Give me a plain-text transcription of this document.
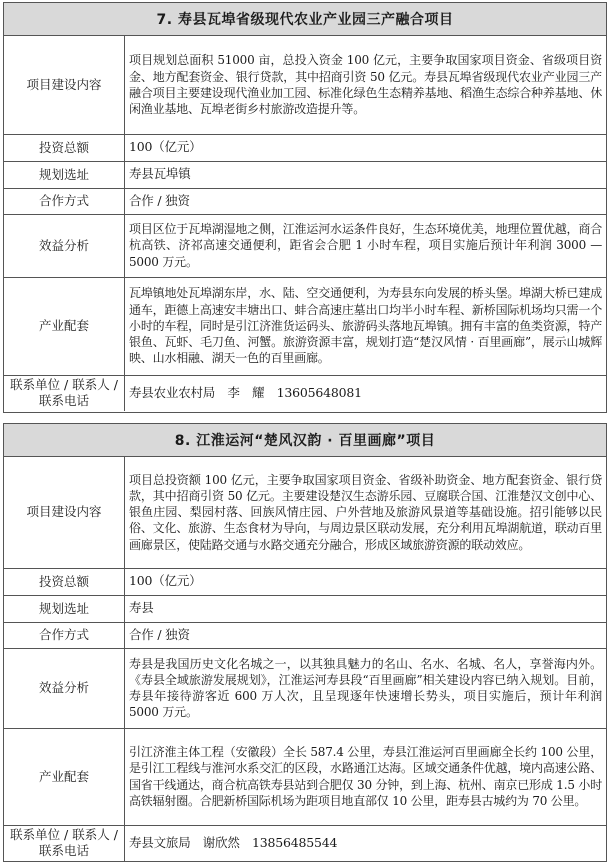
7. 寿县瓦埠省级现代农业产业园三产融合项目
项目建设内容	项目规划总面积 51000 亩，总投入资金 100 亿元，主要争取国家项目资金、省级项目资金、地方配套资金、银行贷款，其中招商引资 50 亿元。寿县瓦埠省级现代农业产业园三产融合项目主要建设现代渔业加工园、标准化绿色生态精养基地、稻渔生态综合种养基地、休闲渔业基地、瓦埠老街乡村旅游改造提升等。
投资总额	100（亿元）
规划选址	寿县瓦埠镇
合作方式	合作 / 独资
效益分析	项目区位于瓦埠湖湿地之侧，江淮运河水运条件良好，生态环境优美，地理位置优越，商合杭高铁、济祁高速交通便利，距省会合肥 1 小时车程，项目实施后预计年利润 3000 — 5000 万元。
产业配套	瓦埠镇地处瓦埠湖东岸，水、陆、空交通便利，为寿县东向发展的桥头堡。埠湖大桥已建成通车，距德上高速安丰塘出口、蚌合高速庄墓出口均半小时车程、新桥国际机场均只需一个小时的车程，同时是引江济淮货运码头、旅游码头落地瓦埠镇。拥有丰富的鱼类资源，特产银鱼、瓦虾、毛刀鱼、河蟹。旅游资源丰富，规划打造“楚汉风情 · 百里画廊”，展示山城辉映、山水相融、湖天一色的百里画廊。
联系单位 / 联系人 / 联系电话	寿县农业农村局　李　耀　13605648081
8. 江淮运河“楚风汉韵 · 百里画廊”项目
项目建设内容	项目总投资额 100 亿元，主要争取国家项目资金、省级补助资金、地方配套资金、银行贷款，其中招商引资 50 亿元。主要建设楚汉生态游乐园、豆腐联合国、江淮楚汉文创中心、银鱼庄园、梨园村落、回族风情庄园、户外营地及旅游风景道等基础设施。招引能够以民俗、文化、旅游、生态食材为导向，与周边景区联动发展，充分利用瓦埠湖航道，联动百里画廊景区，使陆路交通与水路交通充分融合，形成区域旅游资源的联动效应。
投资总额	100（亿元）
规划选址	寿县
合作方式	合作 / 独资
效益分析	寿县是我国历史文化名城之一，以其独具魅力的名山、名水、名城、名人，享誉海内外。《寿县全域旅游发展规划》，江淮运河寿县段“百里画廊”相关建设内容已纳入规划。目前，寿县年接待游客近 600 万人次，且呈现逐年快速增长势头，项目实施后，预计年利润 5000 万元。
产业配套	引江济淮主体工程（安徽段）全长 587.4 公里，寿县江淮运河百里画廊全长约 100 公里，是引江工程线与淮河水系交汇的区段，水路通江达海。区域交通条件优越，境内高速公路、国省干线通达，商合杭高铁寿县站到合肥仅 30 分钟，到上海、杭州、南京已形成 1.5 小时高铁辐射圈。合肥新桥国际机场为距项目地直部仅 10 公里，距寿县古城约为 70 公里。
联系单位 / 联系人 / 联系电话	寿县文旅局　谢欣然　13856485544
